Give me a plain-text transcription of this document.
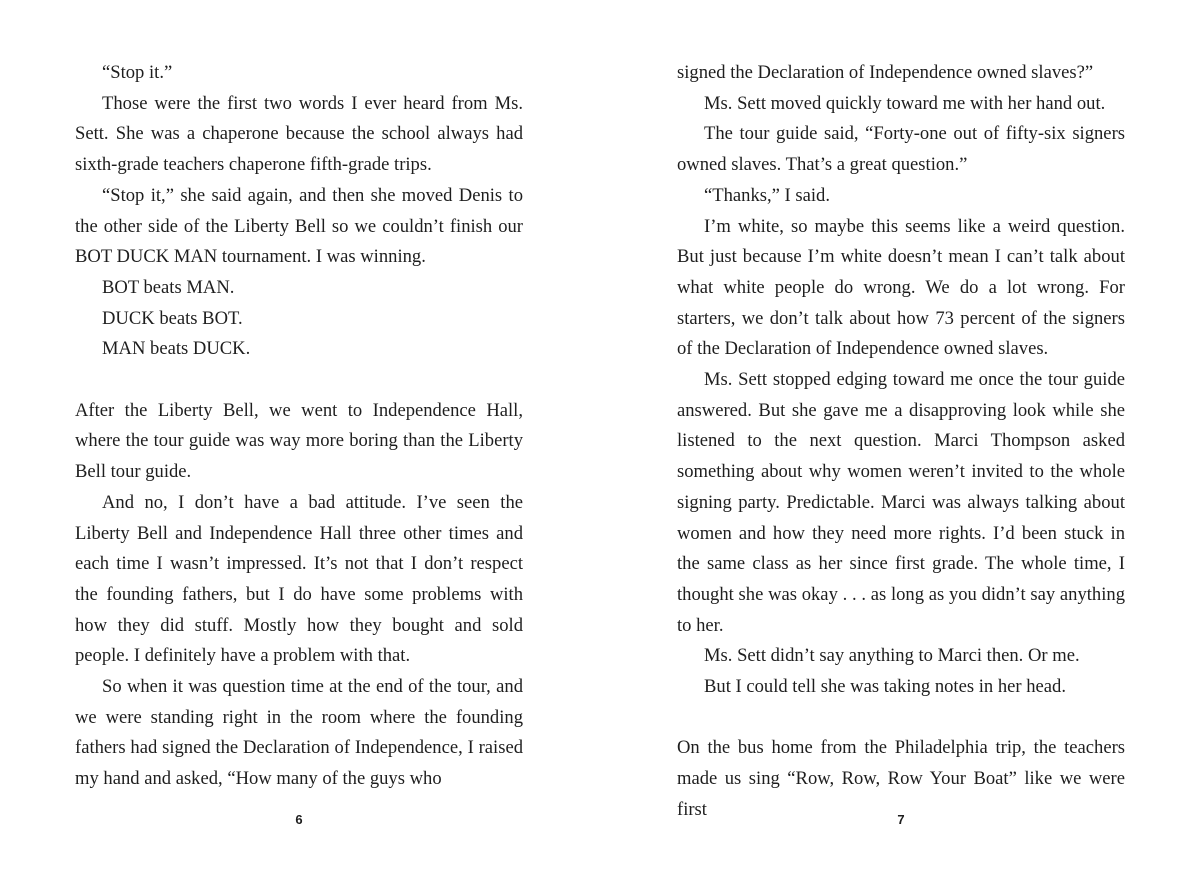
“Stop it.”

Those were the first two words I ever heard from Ms. Sett. She was a chaperone because the school always had sixth-grade teachers chaperone fifth-grade trips.

“Stop it,” she said again, and then she moved Denis to the other side of the Liberty Bell so we couldn’t finish our BOT DUCK MAN tournament. I was winning.

BOT beats MAN.

DUCK beats BOT.

MAN beats DUCK.

After the Liberty Bell, we went to Independence Hall, where the tour guide was way more boring than the Liberty Bell tour guide.

And no, I don’t have a bad attitude. I’ve seen the Liberty Bell and Independence Hall three other times and each time I wasn’t impressed. It’s not that I don’t respect the founding fathers, but I do have some problems with how they did stuff. Mostly how they bought and sold people. I definitely have a problem with that.

So when it was question time at the end of the tour, and we were standing right in the room where the founding fathers had signed the Declaration of Independence, I raised my hand and asked, “How many of the guys who

6

signed the Declaration of Independence owned slaves?”

Ms. Sett moved quickly toward me with her hand out.

The tour guide said, “Forty-one out of fifty-six signers owned slaves. That’s a great question.”

“Thanks,” I said.

I’m white, so maybe this seems like a weird question. But just because I’m white doesn’t mean I can’t talk about what white people do wrong. We do a lot wrong. For starters, we don’t talk about how 73 percent of the signers of the Declaration of Independence owned slaves.

Ms. Sett stopped edging toward me once the tour guide answered. But she gave me a disapproving look while she listened to the next question. Marci Thompson asked something about why women weren’t invited to the whole signing party. Predictable. Marci was always talking about women and how they need more rights. I’d been stuck in the same class as her since first grade. The whole time, I thought she was okay . . . as long as you didn’t say anything to her.

Ms. Sett didn’t say anything to Marci then. Or me.

But I could tell she was taking notes in her head.

On the bus home from the Philadelphia trip, the teachers made us sing “Row, Row, Row Your Boat” like we were first	7
